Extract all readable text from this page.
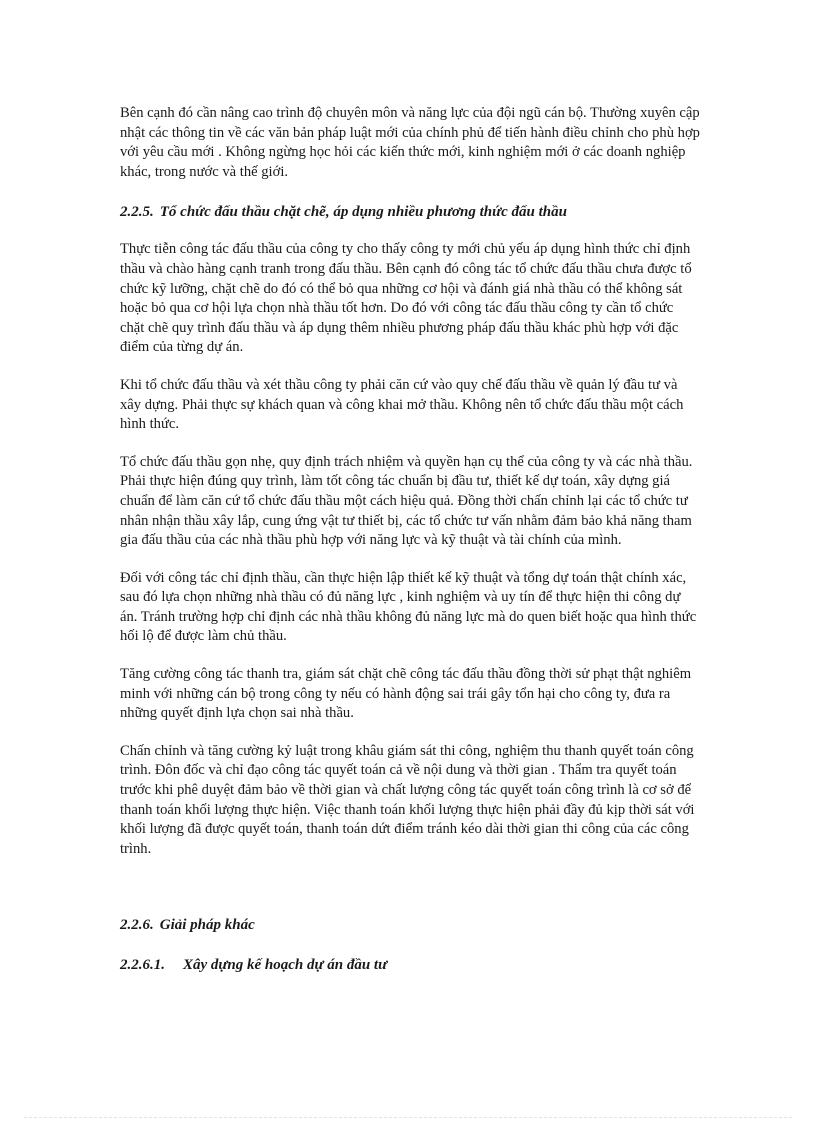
Bên cạnh đó cần nâng cao trình độ chuyên môn và năng lực của đội ngũ cán bộ. Thường xuyên cập nhật các thông tin về các văn bản pháp luật mới của chính phủ để tiến hành điều chỉnh cho phù hợp với yêu cầu mới . Không ngừng học hỏi các kiến thức mới, kinh nghiệm mới ở các doanh nghiệp khác, trong nước và thế giới.

2.2.5. Tổ chức đấu thầu chặt chẽ, áp dụng nhiều phương thức đấu thầu

Thực tiễn công tác đấu thầu của công ty cho thấy công ty mới chủ yếu áp dụng hình thức chỉ định thầu và chào hàng cạnh tranh trong đấu thầu. Bên cạnh đó công tác tổ chức đấu thầu chưa được tổ chức kỹ lưỡng, chặt chẽ do đó có thể bỏ qua những cơ hội và đánh giá nhà thầu có thể không sát hoặc bỏ qua cơ hội lựa chọn nhà thầu tốt hơn. Do đó với công tác đấu thầu công ty cần tổ chức chặt chẽ quy trình đấu thầu và áp dụng thêm nhiều phương pháp đấu thầu khác phù hợp với đặc điểm của từng dự án.

Khi tổ chức đấu thầu và xét thầu công ty phải căn cứ vào quy chế đấu thầu về quản lý đầu tư và xây dựng. Phải thực sự khách quan và công khai mở thầu. Không nên tổ chức đấu thầu một cách hình thức.

Tổ chức đấu thầu gọn nhẹ, quy định trách nhiệm và quyền hạn cụ thể của công ty và các nhà thầu. Phải thực hiện đúng quy trình, làm tốt công tác chuẩn bị đầu tư, thiết kế dự toán, xây dựng giá chuẩn để làm căn cứ tổ chức đấu thầu một cách hiệu quả. Đồng thời chấn chỉnh lại các tổ chức tư nhân nhận thầu xây lắp, cung ứng vật tư thiết bị, các tổ chức tư vấn nhằm đảm bảo khả năng tham gia đấu thầu của các nhà thầu phù hợp với năng lực và kỹ thuật và tài chính của mình.

Đối với công tác chỉ định thầu, cần thực hiện lập thiết kế kỹ thuật và tổng dự toán thật chính xác, sau đó lựa chọn những nhà thầu có đủ năng lực , kinh nghiệm và uy tín để thực hiện thi công dự án. Tránh trường hợp chỉ định các nhà thầu không đủ năng lực mà do quen biết hoặc qua hình thức hối lộ để được làm chủ thầu.

Tăng cường công tác thanh tra, giám sát chặt chẽ công tác đấu thầu đồng thời sử phạt thật nghiêm minh với những cán bộ trong công ty nếu có hành động sai trái gây tổn hại cho công ty, đưa ra những quyết định lựa chọn sai nhà thầu.

Chấn chỉnh và tăng cường kỷ luật trong khâu giám sát thi công, nghiệm thu thanh quyết toán công trình. Đôn đốc và chỉ đạo công tác quyết toán cả về nội dung và thời gian . Thẩm tra quyết toán trước khi phê duyệt đảm bảo về thời gian và chất lượng công tác quyết toán công trình là cơ sở để thanh toán khối lượng thực hiện. Việc thanh toán khối lượng thực hiện phải đầy đủ kịp thời sát với khối lượng đã được quyết toán, thanh toán dứt điểm tránh kéo dài thời gian thi công của các công trình.

2.2.6. Giải pháp khác
2.2.6.1. Xây dựng kế hoạch dự án đầu tư
